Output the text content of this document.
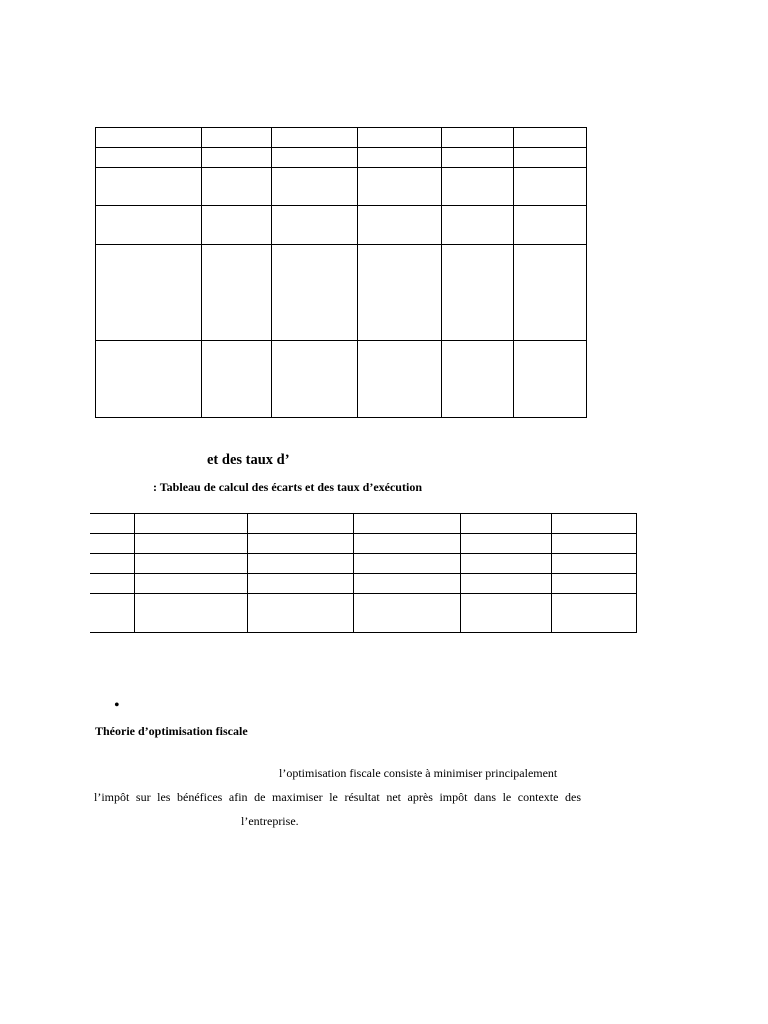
et des taux d’
: Tableau de calcul des écarts et des taux d’exécution

•
Théorie d’optimisation fiscale
l’optimisation fiscale consiste à minimiser principalement
l’impôt sur les bénéfices afin de maximiser le résultat net après impôt dans le contexte des
l’entreprise.
